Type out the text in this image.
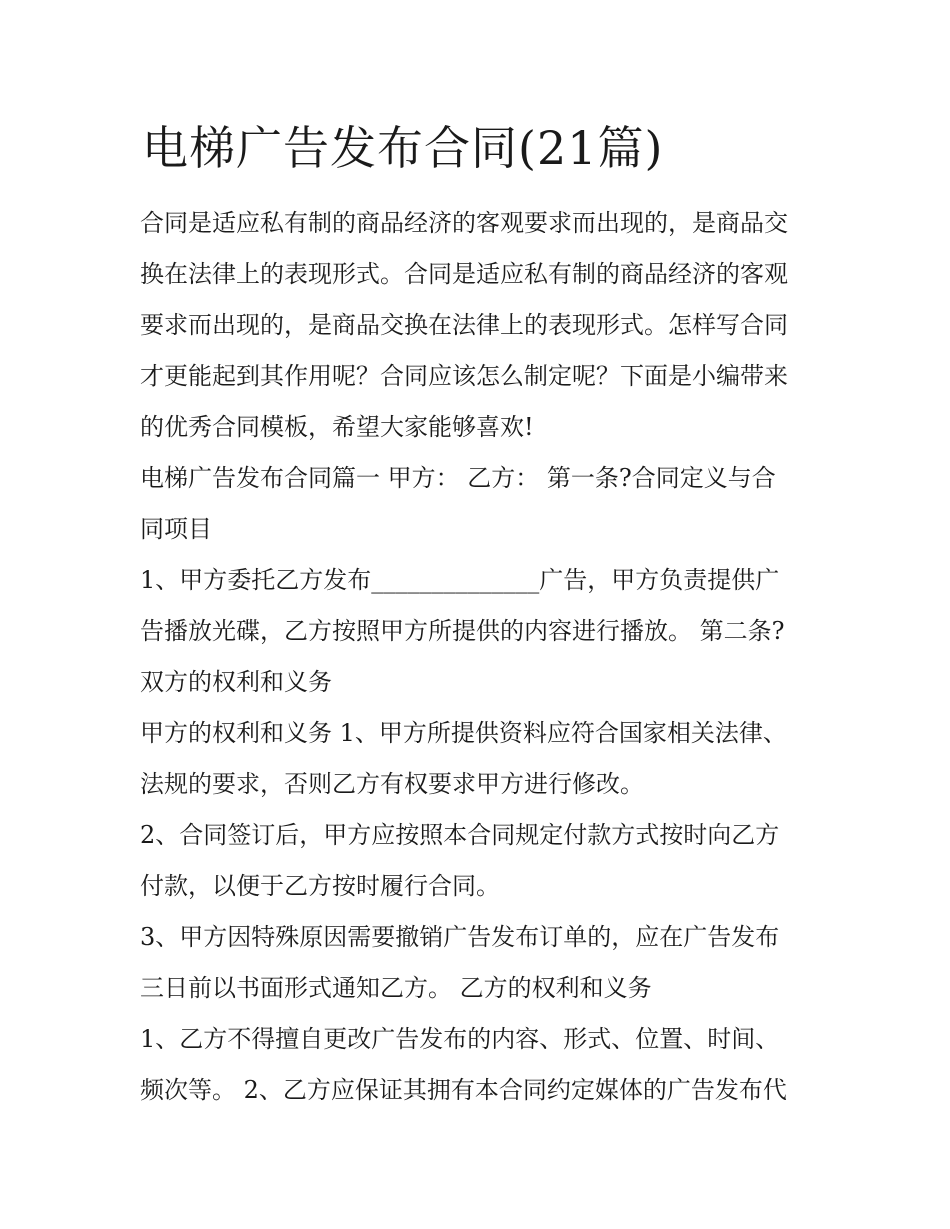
电梯广告发布合同(21篇)

合同是适应私有制的商品经济的客观要求而出现的，是商品交

换在法律上的表现形式。合同是适应私有制的商品经济的客观

要求而出现的，是商品交换在法律上的表现形式。怎样写合同

才更能起到其作用呢？合同应该怎么制定呢？下面是小编带来

的优秀合同模板，希望大家能够喜欢!

电梯广告发布合同篇一 甲方： 乙方： 第一条?合同定义与合

同项目

1、甲方委托乙方发布______________广告，甲方负责提供广

告播放光碟，乙方按照甲方所提供的内容进行播放。 第二条?

双方的权利和义务

甲方的权利和义务 1、甲方所提供资料应符合国家相关法律、

法规的要求，否则乙方有权要求甲方进行修改。

2、合同签订后，甲方应按照本合同规定付款方式按时向乙方

付款，以便于乙方按时履行合同。

3、甲方因特殊原因需要撤销广告发布订单的，应在广告发布

三日前以书面形式通知乙方。 乙方的权利和义务

1、乙方不得擅自更改广告发布的内容、形式、位置、时间、

频次等。 2、乙方应保证其拥有本合同约定媒体的广告发布代
